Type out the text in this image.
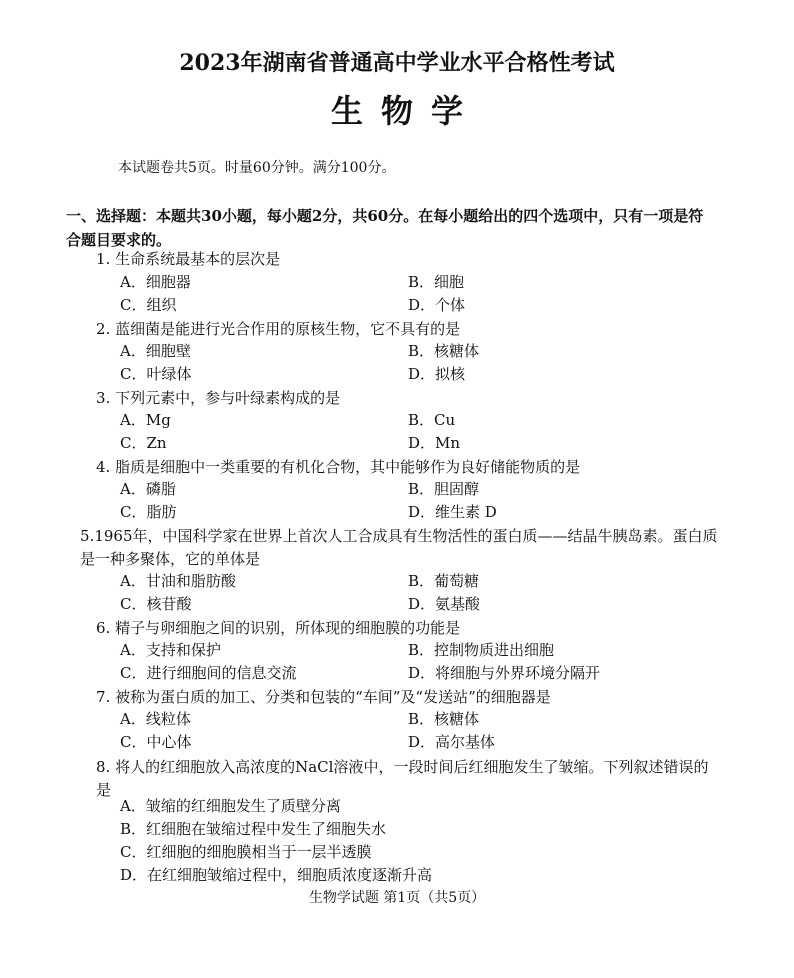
2023年湖南省普通高中学业水平合格性考试
生物学
本试题卷共5页。时量60分钟。满分100分。
一、选择题：本题共30小题，每小题2分，共60分。在每小题给出的四个选项中，只有一项是符合题目要求的。
1. 生命系统最基本的层次是
A．细胞器	B．细胞
C．组织	D．个体
2. 蓝细菌是能进行光合作用的原核生物，它不具有的是
A．细胞壁	B．核糖体
C．叶绿体	D．拟核
3. 下列元素中，参与叶绿素构成的是
A．Mg	B．Cu
C．Zn	D．Mn
4. 脂质是细胞中一类重要的有机化合物，其中能够作为良好储能物质的是
A．磷脂	B．胆固醇
C．脂肪	D．维生素 D
5.1965年，中国科学家在世界上首次人工合成具有生物活性的蛋白质——结晶牛胰岛素。蛋白质是一种多聚体，它的单体是
A．甘油和脂肪酸	B．葡萄糖
C．核苷酸	D．氨基酸
6. 精子与卵细胞之间的识别，所体现的细胞膜的功能是
A．支持和保护	B．控制物质进出细胞
C．进行细胞间的信息交流	D．将细胞与外界环境分隔开
7. 被称为蛋白质的加工、分类和包装的“车间”及“发送站”的细胞器是
A．线粒体	B．核糖体
C．中心体	D．高尔基体
8. 将人的红细胞放入高浓度的NaCl溶液中，一段时间后红细胞发生了皱缩。下列叙述错误的是
A．皱缩的红细胞发生了质壁分离
B．红细胞在皱缩过程中发生了细胞失水
C．红细胞的细胞膜相当于一层半透膜
D．在红细胞皱缩过程中，细胞质浓度逐渐升高
生物学试题 第1页（共5页）
